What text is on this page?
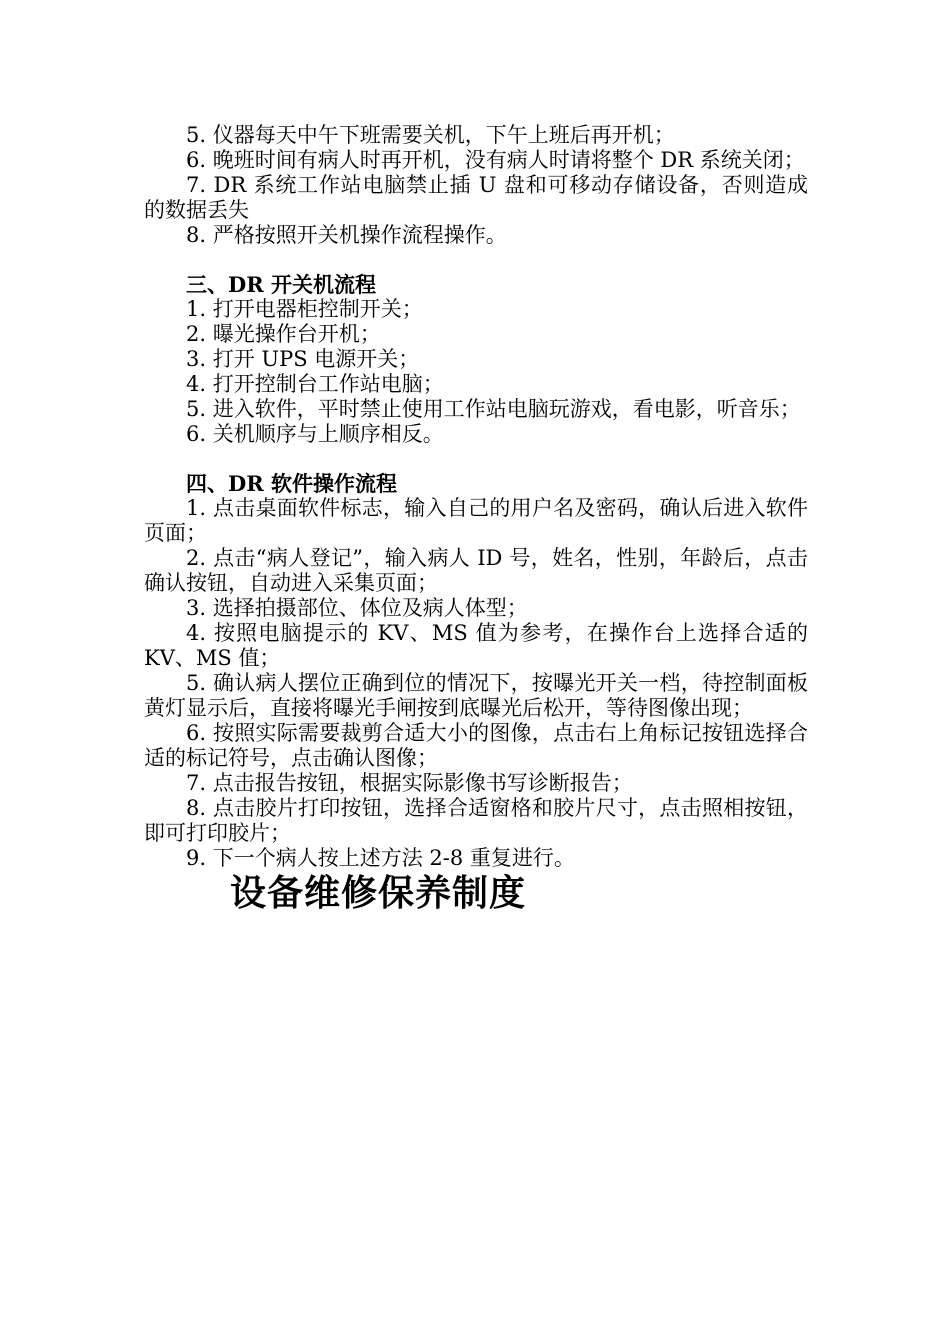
5. 仪器每天中午下班需要关机，下午上班后再开机；

6. 晚班时间有病人时再开机，没有病人时请将整个 DR 系统关闭；

7. DR 系统工作站电脑禁止插 U 盘和可移动存储设备，否则造成的数据丢失

8. 严格按照开关机操作流程操作。

三、DR 开关机流程

1. 打开电器柜控制开关；

2. 曝光操作台开机；

3. 打开 UPS 电源开关；

4. 打开控制台工作站电脑；

5. 进入软件，平时禁止使用工作站电脑玩游戏，看电影，听音乐；

6. 关机顺序与上顺序相反。

四、DR 软件操作流程

1. 点击桌面软件标志，输入自己的用户名及密码，确认后进入软件页面；

2. 点击“病人登记”，输入病人 ID 号，姓名，性别，年龄后，点击确认按钮，自动进入采集页面；

3. 选择拍摄部位、体位及病人体型；

4. 按照电脑提示的 KV、MS 值为参考，在操作台上选择合适的 KV、MS 值；

5. 确认病人摆位正确到位的情况下，按曝光开关一档，待控制面板黄灯显示后，直接将曝光手闸按到底曝光后松开，等待图像出现；

6. 按照实际需要裁剪合适大小的图像，点击右上角标记按钮选择合适的标记符号，点击确认图像；

7. 点击报告按钮，根据实际影像书写诊断报告；

8. 点击胶片打印按钮，选择合适窗格和胶片尺寸，点击照相按钮，即可打印胶片；

9. 下一个病人按上述方法 2-8 重复进行。

设备维修保养制度
